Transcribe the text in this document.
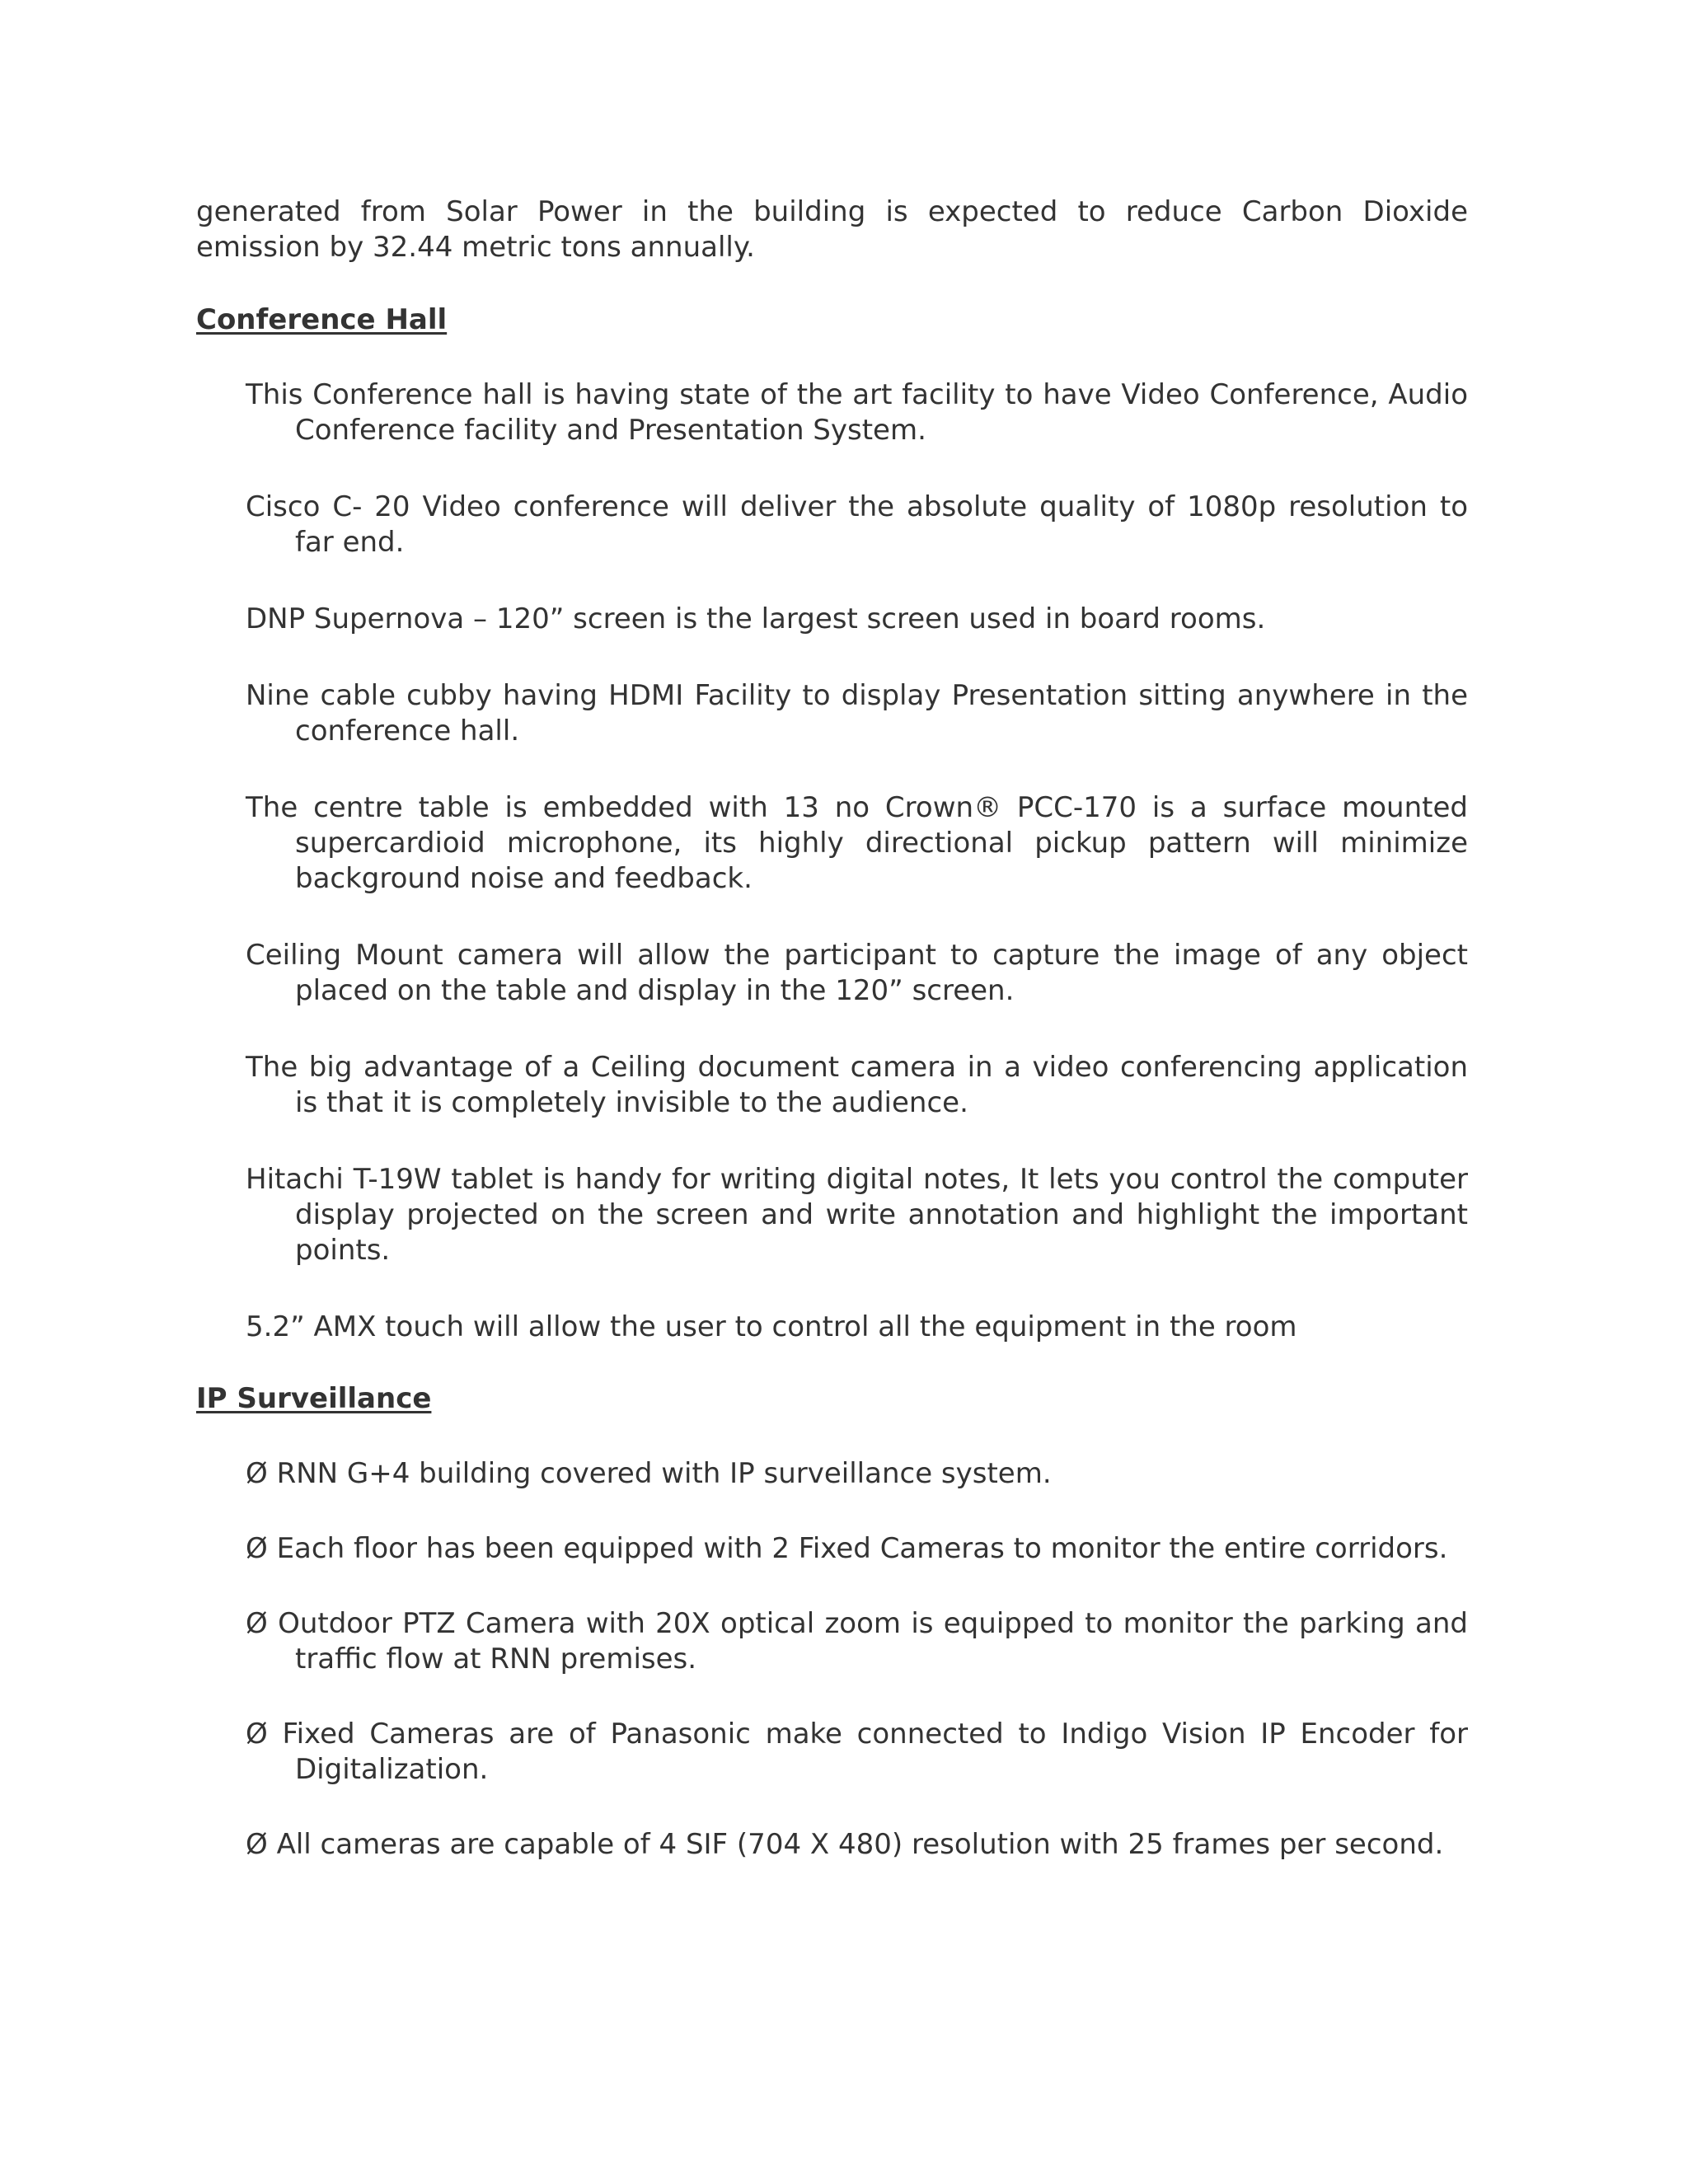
generated from Solar Power in the building is expected to reduce Carbon Dioxide emission by 32.44 metric tons annually.

Conference Hall

This Conference hall is having state of the art facility to have Video Conference, Audio Conference facility and Presentation System.

Cisco C- 20 Video conference will deliver the absolute quality of 1080p resolution to far end.

DNP Supernova – 120” screen is the largest screen used in board rooms.

Nine cable cubby having HDMI Facility to display Presentation sitting anywhere in the conference hall.

The centre table is embedded with 13 no Crown® PCC-170 is a surface mounted supercardioid microphone, its highly directional pickup pattern will minimize background noise and feedback.

Ceiling Mount camera will allow the participant to capture the image of any object placed on the table and display in the 120” screen.

The big advantage of a Ceiling document camera in a video conferencing application is that it is completely invisible to the audience.

Hitachi T-19W tablet is handy for writing digital notes, It lets you control the computer display projected on the screen and write annotation and highlight the important points.

5.2” AMX touch will allow the user to control all the equipment in the room

IP Surveillance

Ø RNN G+4 building covered with IP surveillance system.

Ø Each floor has been equipped with 2 Fixed Cameras to monitor the entire corridors.

Ø Outdoor PTZ Camera with 20X optical zoom is equipped to monitor the parking and traffic flow at RNN premises.

Ø Fixed Cameras are of Panasonic make connected to Indigo Vision IP Encoder for Digitalization.

Ø All cameras are capable of 4 SIF (704 X 480) resolution with 25 frames per second.
